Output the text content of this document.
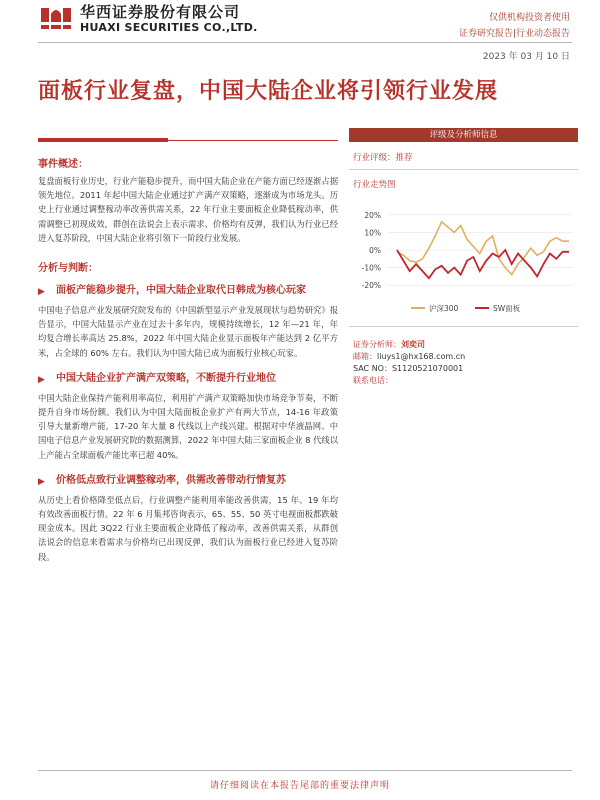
华西证券股份有限公司
HUAXI SECURITIES CO.,LTD.
仅供机构投资者使用
证券研究报告|行业动态报告
2023 年 03 月 10 日
面板行业复盘，中国大陆企业将引领行业发展
事件概述：
复盘面板行业历史，行业产能稳步提升，而中国大陆企业在产能方面已经逐渐占据领先地位。2011 年起中国大陆企业通过扩产满产双策略，逐渐成为市场龙头。历史上行业通过调整稼动率改善供需关系，22 年行业主要面板企业降低稼动率，供需调整已初现成效，群创在法说会上表示需求、价格均有反弹，我们认为行业已经进入复苏阶段，中国大陆企业将引领下一阶段行业发展。
分析与判断：
▶	面板产能稳步提升，中国大陆企业取代日韩成为核心玩家
中国电子信息产业发展研究院发布的《中国新型显示产业发展现状与趋势研究》报告显示，中国大陆显示产业在过去十多年内，规模持续增长，12 年—21 年，年均复合增长率高达 25.8%，2022 年中国大陆企业显示面板年产能达到 2 亿平方米，占全球的 60% 左右。我们认为中国大陆已成为面板行业核心玩家。
▶	中国大陆企业扩产满产双策略，不断提升行业地位
中国大陆企业保持产能利用率高位，利用扩产满产双策略加快市场竞争节奏，不断提升自身市场份额。我们认为中国大陆面板企业扩产有两大节点，14-16 年政策引导大量新增产能，17-20 年大量 8 代线以上产线兴建。根据对中华液晶网、中国电子信息产业发展研究院的数据测算，2022 年中国大陆三家面板企业 8 代线以上产能占全球面板产能比率已超 40%。
▶	价格低点致行业调整稼动率，供需改善带动行情复苏
从历史上看价格降至低点后，行业调整产能利用率能改善供需，15 年、19 年均有效改善面板行情。22 年 6 月集邦咨询表示，65、55、50 英寸电视面板都跌破现金成本。因此 3Q22 行业主要面板企业降低了稼动率，改善供需关系，从群创法说会的信息来看需求与价格均已出现反弹，我们认为面板行业已经进入复苏阶段。
评级及分析师信息
行业评级：推荐
行业走势图
20%
10%
0%
-10%
-20%
沪深300	SW面板
证券分析师：刘奕司
邮箱：liuys1@hx168.com.cn
SAC NO：S1120521070001
联系电话：
请仔细阅读在本报告尾部的重要法律声明
